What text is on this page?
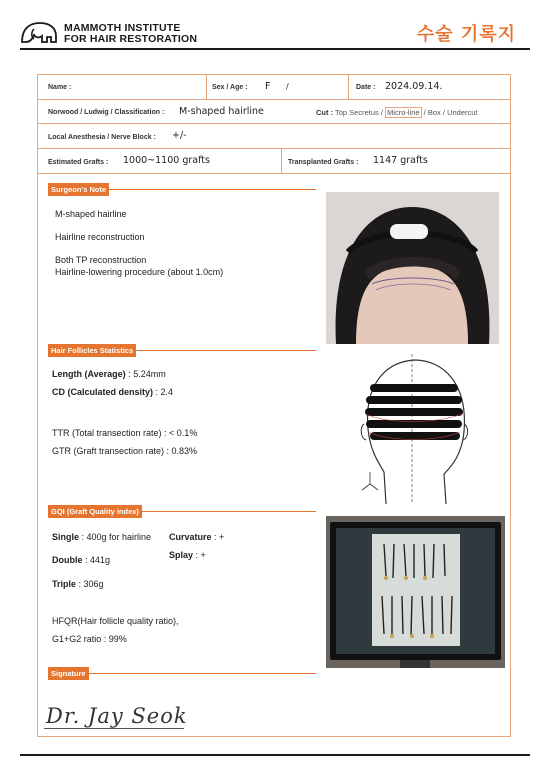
MAMMOTH INSTITUTE
FOR HAIR RESTORATION	수술 기록지
Name :	Sex / Age : F /	Date : 2024.09.14.
Norwood / Ludwig / Classification : M-shaped hairline	Cut : Top Secretus / Micro-line / Box / Undercut
Local Anesthesia / Nerve Block : +/-
Estimated Grafts : 1000~1100 grafts	Transplanted Grafts : 1147 grafts
Surgeon's Note
M-shaped hairline
Hairline reconstruction
Both TP reconstruction
Hairline-lowering procedure (about 1.0cm)
Hair Follicles Statistics
Length (Average) : 5.24mm
CD (Calculated density) : 2.4
TTR (Total transection rate) : < 0.1%
GTR (Graft transection rate) : 0.83%
GQI (Graft Quality index)
Single : 400g for hairline Curvature : +
Splay : +
Double : 441g
Triple : 306g
HFQR(Hair follicle quality ratio),
G1+G2 ratio : 99%
Signature
Dr. Jay Seok
